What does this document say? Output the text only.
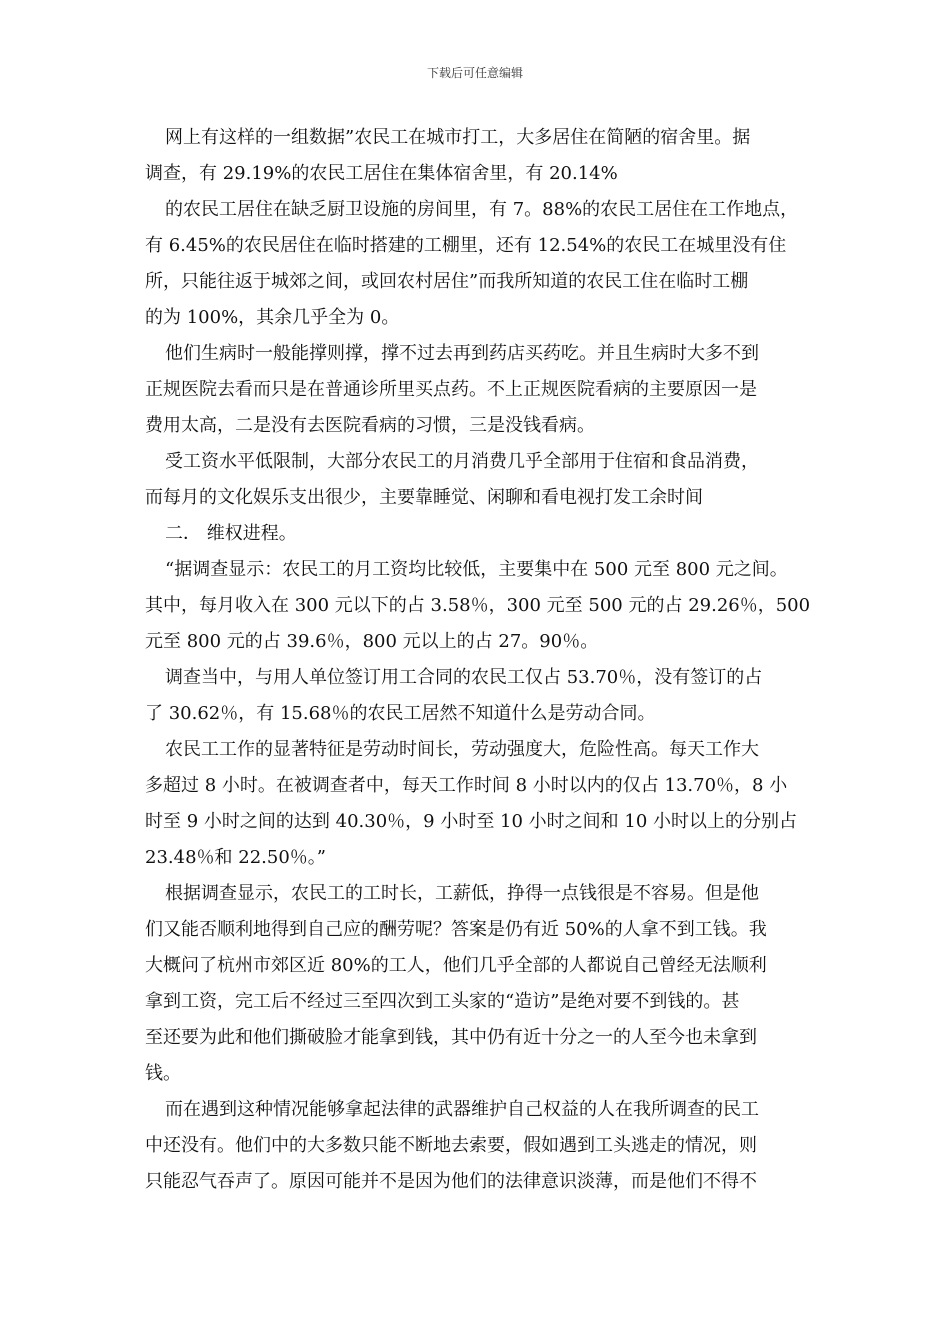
下载后可任意编辑
网上有这样的一组数据”农民工在城市打工，大多居住在简陋的宿舍里。据
调查，有 29.19%的农民工居住在集体宿舍里，有 20.14%
的农民工居住在缺乏厨卫设施的房间里，有 7。88%的农民工居住在工作地点，
有 6.45%的农民居住在临时搭建的工棚里，还有 12.54%的农民工在城里没有住
所，只能往返于城郊之间，或回农村居住”而我所知道的农民工住在临时工棚
的为 100%，其余几乎全为 0。
他们生病时一般能撑则撑，撑不过去再到药店买药吃。并且生病时大多不到
正规医院去看而只是在普通诊所里买点药。不上正规医院看病的主要原因一是
费用太高，二是没有去医院看病的习惯，三是没钱看病。
受工资水平低限制，大部分农民工的月消费几乎全部用于住宿和食品消费，
而每月的文化娱乐支出很少，主要靠睡觉、闲聊和看电视打发工余时间
二． 维权进程。
“据调查显示：农民工的月工资均比较低，主要集中在 500 元至 800 元之间。
其中，每月收入在 300 元以下的占 3.58％，300 元至 500 元的占 29.26％，500
元至 800 元的占 39.6％，800 元以上的占 27。90％。
调查当中，与用人单位签订用工合同的农民工仅占 53.70％，没有签订的占
了 30.62％，有 15.68％的农民工居然不知道什么是劳动合同。
农民工工作的显著特征是劳动时间长，劳动强度大，危险性高。每天工作大
多超过 8 小时。在被调查者中，每天工作时间 8 小时以内的仅占 13.70％，8 小
时至 9 小时之间的达到 40.30％，9 小时至 10 小时之间和 10 小时以上的分别占
23.48％和 22.50％。”
根据调查显示，农民工的工时长，工薪低，挣得一点钱很是不容易。但是他
们又能否顺利地得到自己应的酬劳呢？答案是仍有近 50%的人拿不到工钱。我
大概问了杭州市郊区近 80%的工人，他们几乎全部的人都说自己曾经无法顺利
拿到工资，完工后不经过三至四次到工头家的“造访”是绝对要不到钱的。甚
至还要为此和他们撕破脸才能拿到钱，其中仍有近十分之一的人至今也未拿到
钱。
而在遇到这种情况能够拿起法律的武器维护自己权益的人在我所调查的民工
中还没有。他们中的大多数只能不断地去索要，假如遇到工头逃走的情况，则
只能忍气吞声了。原因可能并不是因为他们的法律意识淡薄，而是他们不得不
